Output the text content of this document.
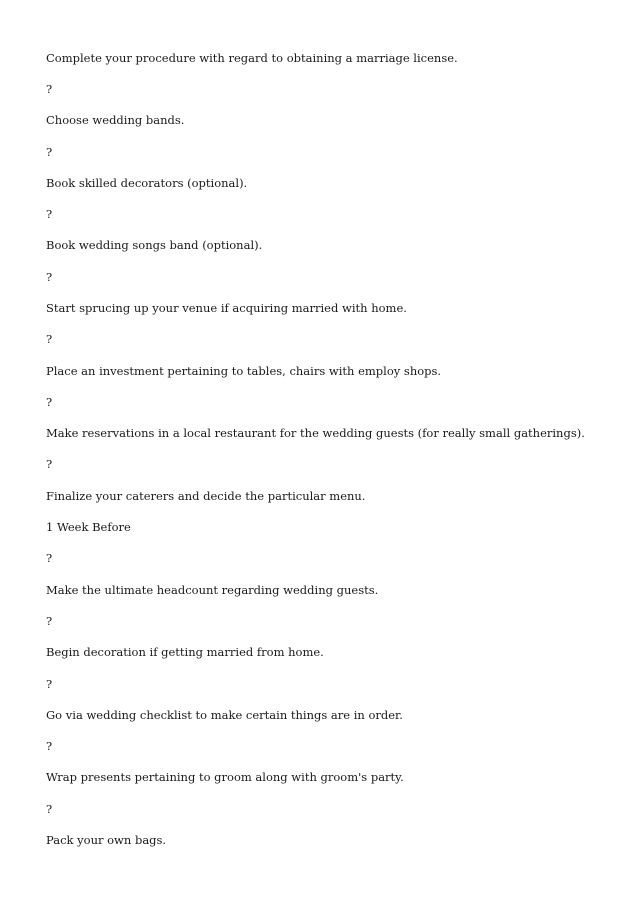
Complete your procedure with regard to obtaining a marriage license.

?

Choose wedding bands.

?

Book skilled decorators (optional).

?

Book wedding songs band (optional).

?

Start sprucing up your venue if acquiring married with home.

?

Place an investment pertaining to tables, chairs with employ shops.

?

Make reservations in a local restaurant for the wedding guests (for really small gatherings).

?

Finalize your caterers and decide the particular menu.

1 Week Before

?

Make the ultimate headcount regarding wedding guests.

?

Begin decoration if getting married from home.

?

Go via wedding checklist to make certain things are in order.

?

Wrap presents pertaining to groom along with groom's party.

?

Pack your own bags.
